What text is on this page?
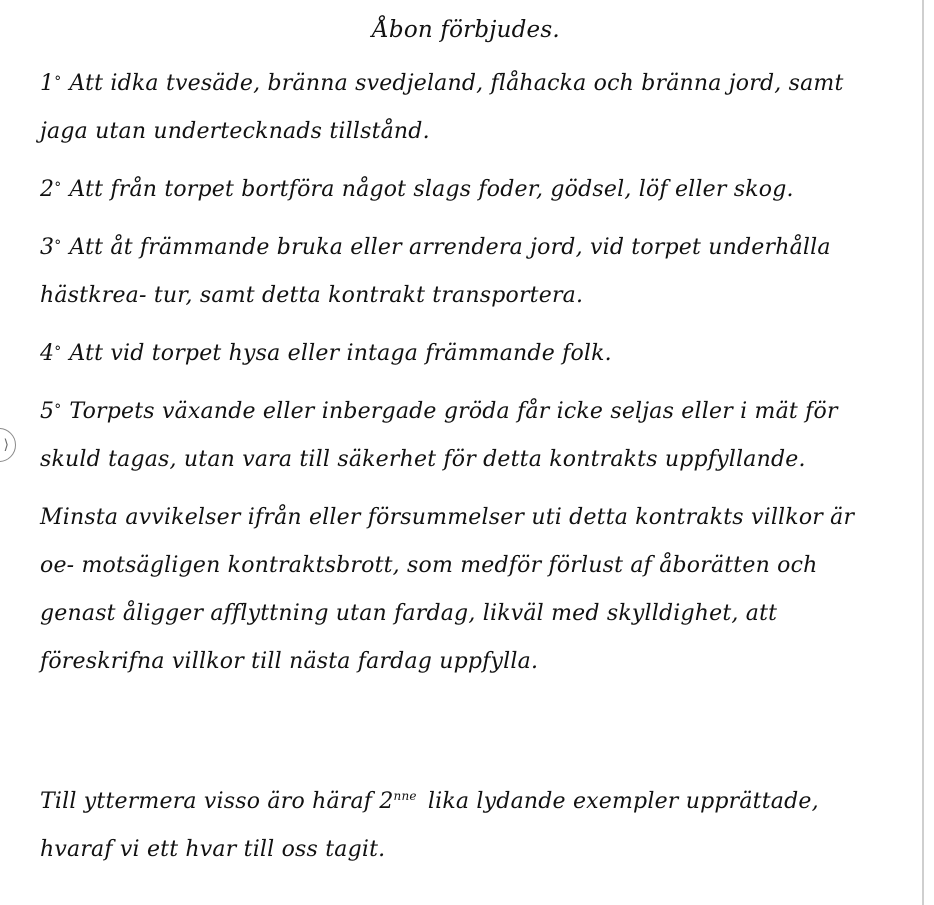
Åbon förbjudes.

1° Att idka tvesäde, bränna svedjeland, flåhacka och bränna jord, samt jaga utan undertecknads tillstånd.

2° Att från torpet bortföra något slags foder, gödsel, löf eller skog.

3° Att åt främmande bruka eller arrendera jord, vid torpet underhålla hästkrea- tur, samt detta kontrakt transportera.

4° Att vid torpet hysa eller intaga främmande folk.

5° Torpets växande eller inbergade gröda får icke seljas eller i mät för skuld tagas, utan vara till säkerhet för detta kontrakts uppfyllande.

Minsta avvikelser ifrån eller försummelser uti detta kontrakts villkor är oe- motsägligen kontraktsbrott, som medför förlust af åborätten och genast åligger afflyttning utan fardag, likväl med skylldighet, att föreskrifna villkor till nästa fardag uppfylla.

Till yttermera visso äro häraf $2^{nne}$ lika lydande exempler upprättade, hvaraf vi ett hvar till oss tagit.

⟩
